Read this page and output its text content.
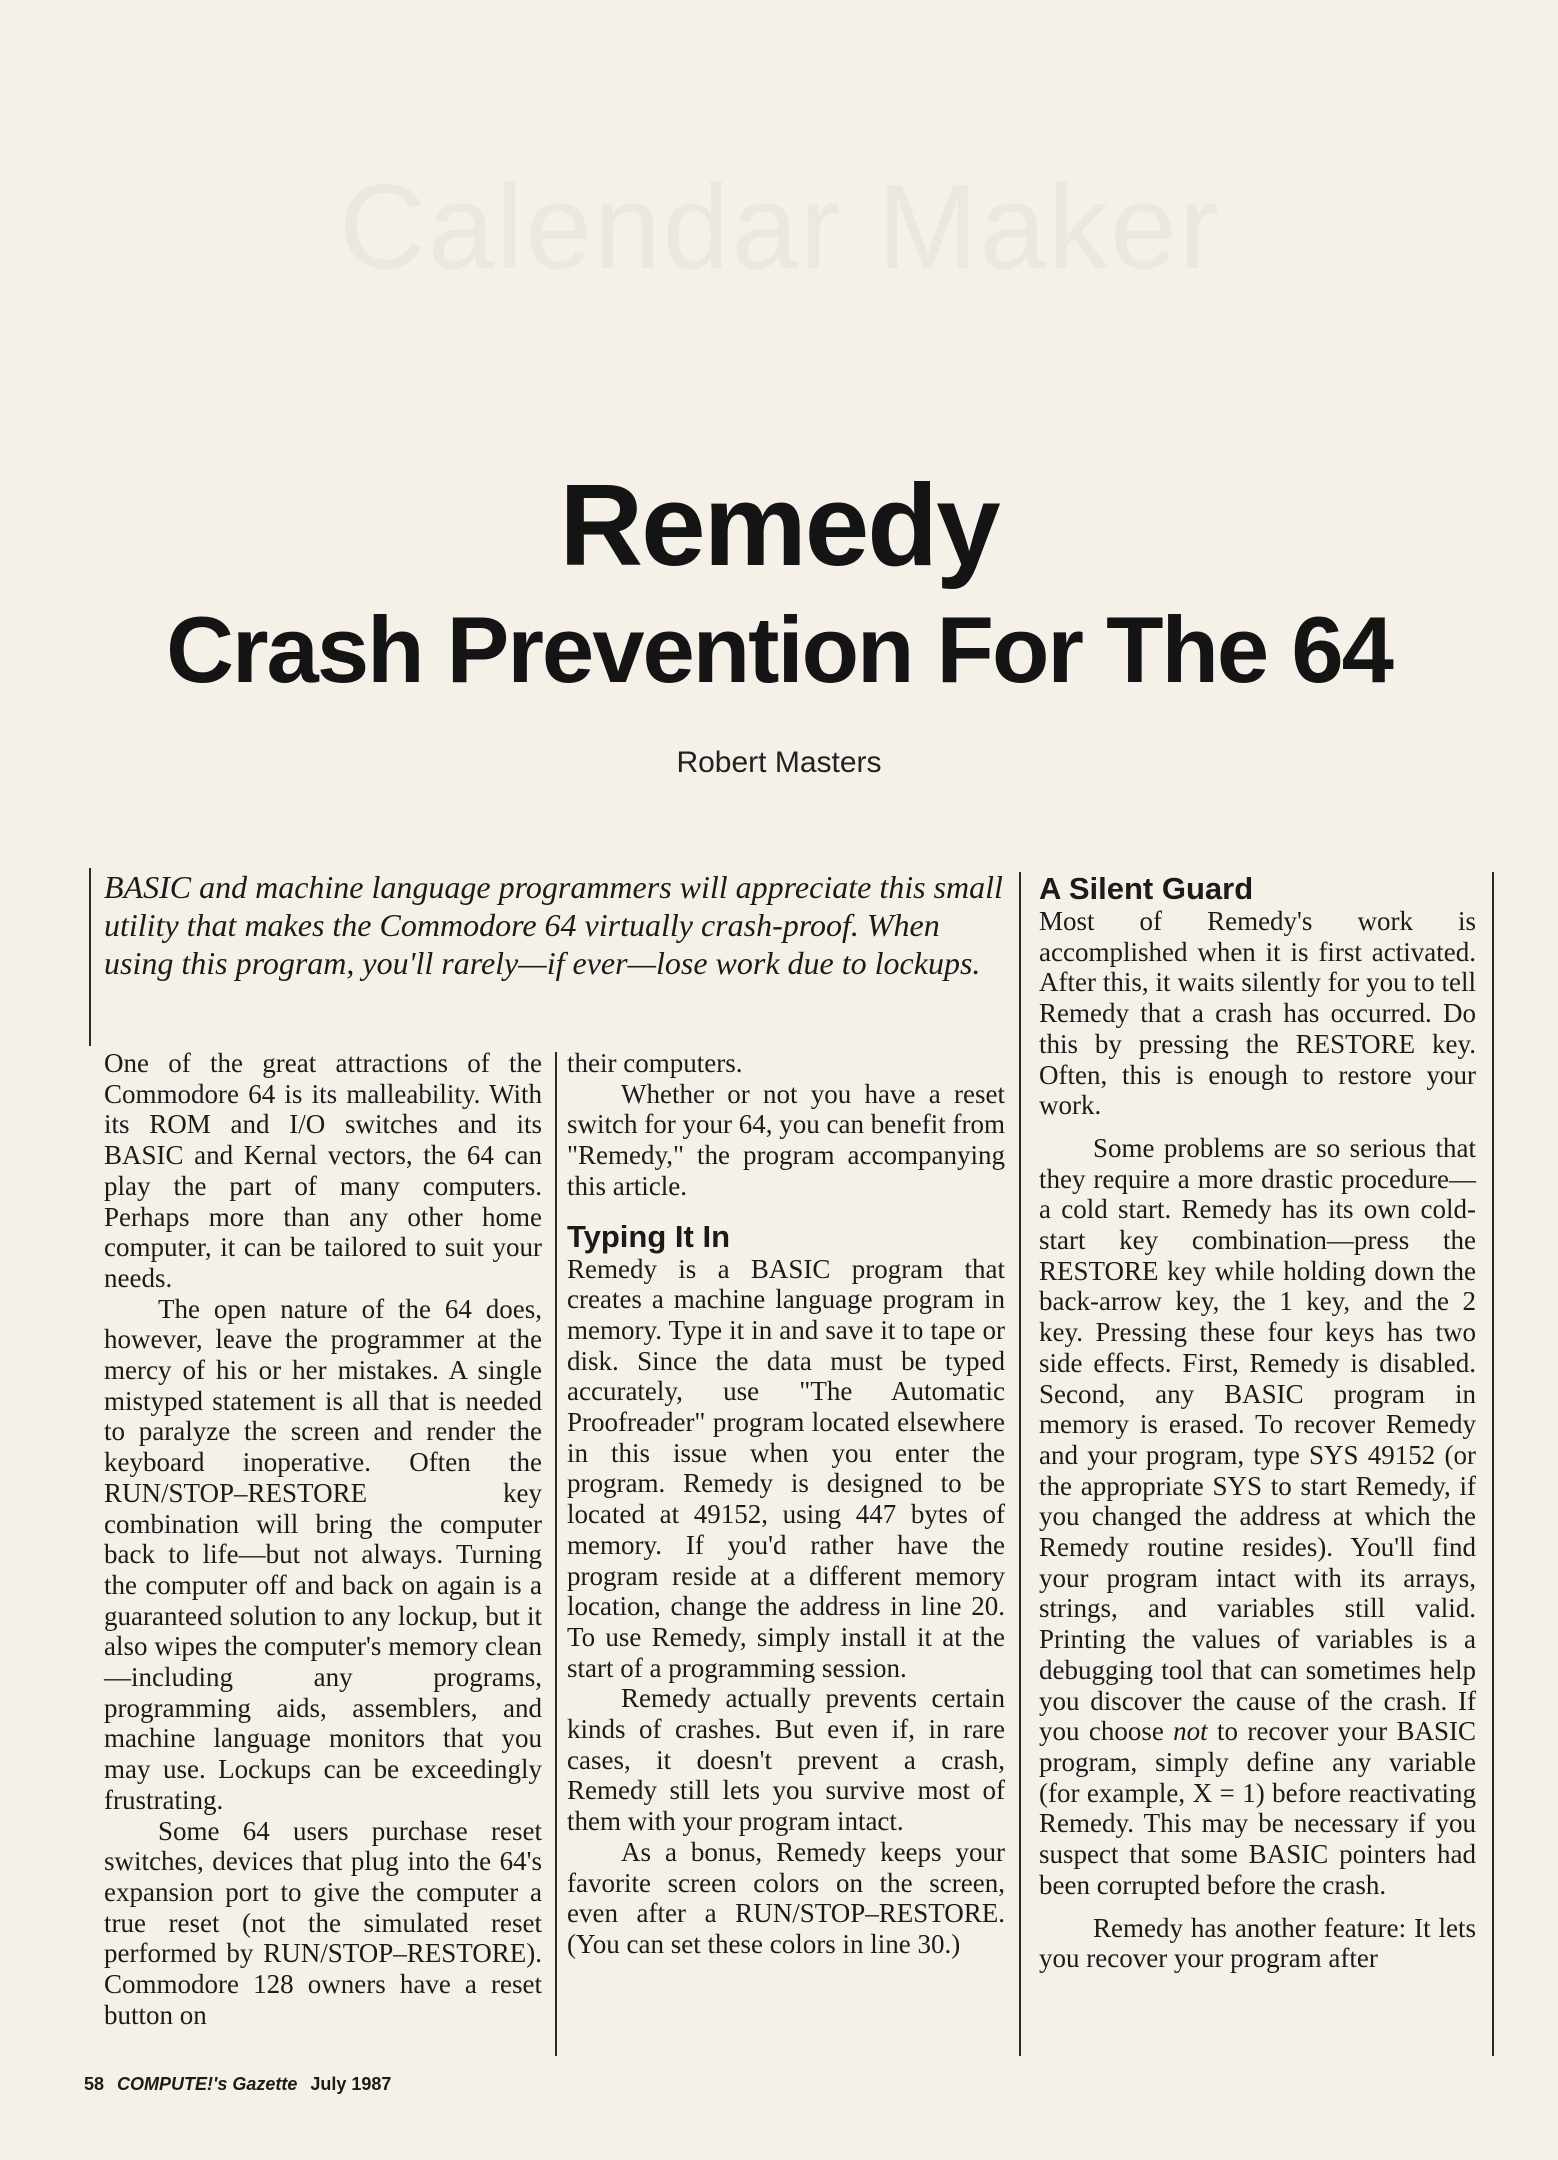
Calendar Maker
Remedy
Crash Prevention For The 64
Robert Masters

BASIC and machine language programmers will appreciate this small utility that makes the Commodore 64 virtually crash-proof. When using this program, you'll rarely—if ever—lose work due to lockups.

One of the great attractions of the Commodore 64 is its malleability. With its ROM and I/O switches and its BASIC and Kernal vectors, the 64 can play the part of many computers. Perhaps more than any other home computer, it can be tailored to suit your needs.

The open nature of the 64 does, however, leave the programmer at the mercy of his or her mistakes. A single mistyped statement is all that is needed to paralyze the screen and render the keyboard inoperative. Often the RUN/STOP–RESTORE key combination will bring the computer back to life—but not always. Turning the computer off and back on again is a guaranteed solution to any lockup, but it also wipes the computer's memory clean—including any programs, programming aids, assemblers, and machine language monitors that you may use. Lockups can be exceedingly frustrating.

Some 64 users purchase reset switches, devices that plug into the 64's expansion port to give the computer a true reset (not the simulated reset performed by RUN/STOP–RESTORE). Commodore 128 owners have a reset button on

their computers.

Whether or not you have a reset switch for your 64, you can benefit from "Remedy," the program accompanying this article.

Typing It In

Remedy is a BASIC program that creates a machine language program in memory. Type it in and save it to tape or disk. Since the data must be typed accurately, use "The Automatic Proofreader" program located elsewhere in this issue when you enter the program. Remedy is designed to be located at 49152, using 447 bytes of memory. If you'd rather have the program reside at a different memory location, change the address in line 20. To use Remedy, simply install it at the start of a programming session.

Remedy actually prevents certain kinds of crashes. But even if, in rare cases, it doesn't prevent a crash, Remedy still lets you survive most of them with your program intact.

As a bonus, Remedy keeps your favorite screen colors on the screen, even after a RUN/STOP–RESTORE. (You can set these colors in line 30.)

A Silent Guard

Most of Remedy's work is accomplished when it is first activated. After this, it waits silently for you to tell Remedy that a crash has occurred. Do this by pressing the RESTORE key. Often, this is enough to restore your work.

Some problems are so serious that they require a more drastic procedure—a cold start. Remedy has its own cold-start key combination—press the RESTORE key while holding down the back-arrow key, the 1 key, and the 2 key. Pressing these four keys has two side effects. First, Remedy is disabled. Second, any BASIC program in memory is erased. To recover Remedy and your program, type SYS 49152 (or the appropriate SYS to start Remedy, if you changed the address at which the Remedy routine resides). You'll find your program intact with its arrays, strings, and variables still valid. Printing the values of variables is a debugging tool that can sometimes help you discover the cause of the crash. If you choose not to recover your BASIC program, simply define any variable (for example, X = 1) before reactivating Remedy. This may be necessary if you suspect that some BASIC pointers had been corrupted before the crash.

Remedy has another feature: It lets you recover your program after

58 COMPUTE!'s Gazette July 1987
